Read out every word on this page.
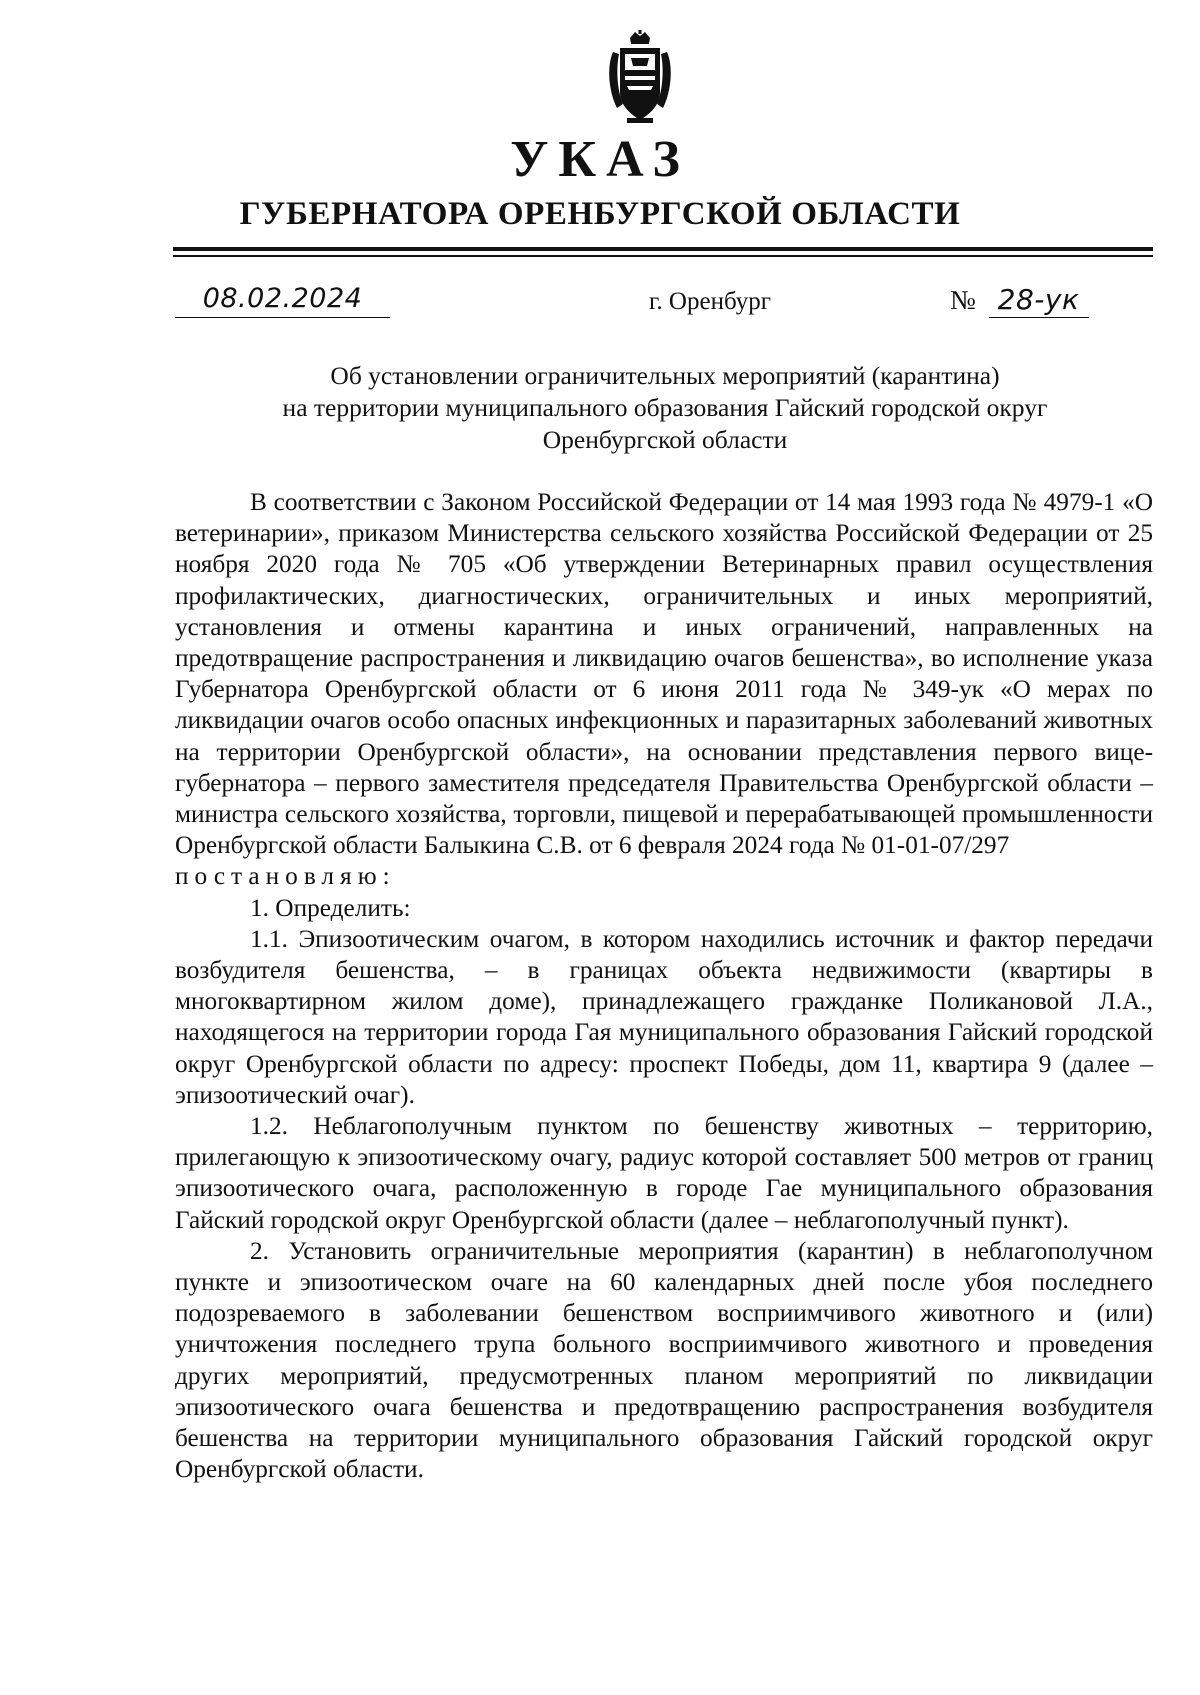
УКАЗ
ГУБЕРНАТОРА ОРЕНБУРГСКОЙ ОБЛАСТИ
08.02.2024	г. Оренбург	№ 28-ук
Об установлении ограничительных мероприятий (карантина)
на территории муниципального образования Гайский городской округ
Оренбургской области

В соответствии с Законом Российской Федерации от 14 мая 1993 года № 4979-1 «О ветеринарии», приказом Министерства сельского хозяйства Российской Федерации от 25 ноября 2020 года № 705 «Об утверждении Ветеринарных правил осуществления профилактических, диагностических, ограничительных и иных мероприятий, установления и отмены карантина и иных ограничений, направленных на предотвращение распространения и ликвидацию очагов бешенства», во исполнение указа Губернатора Оренбургской области от 6 июня 2011 года № 349-ук «О мерах по ликвидации очагов особо опасных инфекционных и паразитарных заболеваний животных на территории Оренбургской области», на основании представления первого вице-губернатора – первого заместителя председателя Правительства Оренбургской области – министра сельского хозяйства, торговли, пищевой и перерабатывающей промышленности Оренбургской области Балыкина С.В. от 6 февраля 2024 года № 01-01-07/297

постановляю:

1. Определить:

1.1. Эпизоотическим очагом, в котором находились источник и фактор передачи возбудителя бешенства, – в границах объекта недвижимости (квартиры в многоквартирном жилом доме), принадлежащего гражданке Поликановой Л.А., находящегося на территории города Гая муниципального образования Гайский городской округ Оренбургской области по адресу: проспект Победы, дом 11, квартира 9 (далее – эпизоотический очаг).

1.2. Неблагополучным пунктом по бешенству животных – территорию, прилегающую к эпизоотическому очагу, радиус которой составляет 500 метров от границ эпизоотического очага, расположенную в городе Гае муниципального образования Гайский городской округ Оренбургской области (далее – неблагополучный пункт).

2. Установить ограничительные мероприятия (карантин) в неблагополучном пункте и эпизоотическом очаге на 60 календарных дней после убоя последнего подозреваемого в заболевании бешенством восприимчивого животного и (или) уничтожения последнего трупа больного восприимчивого животного и проведения других мероприятий, предусмотренных планом мероприятий по ликвидации эпизоотического очага бешенства и предотвращению распространения возбудителя бешенства на территории муниципального образования Гайский городской округ Оренбургской области.
